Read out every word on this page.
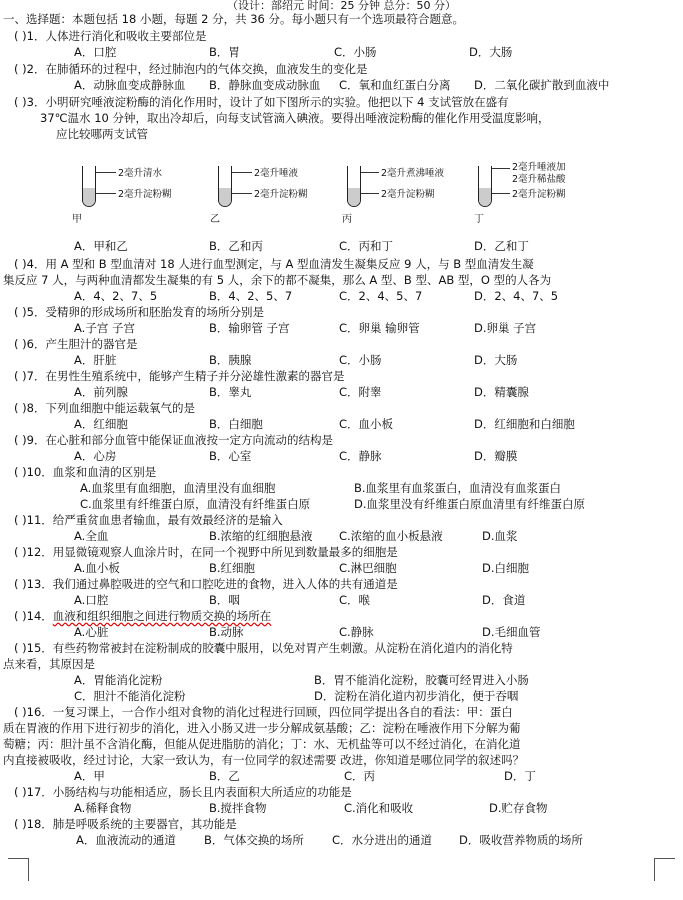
（设计：部绍元 时间：25 分钟 总分：50 分）
一、选择题：本题包括 18 小题，每题 2 分，共 36 分。每小题只有一个选项最符合题意。
( )1．人体进行消化和吸收主要部位是
A．口腔	B．胃	C．小肠	D．大肠
( )2．在肺循环的过程中，经过肺泡内的气体交换，血液发生的变化是
A．动脉血变成静脉血 B．静脉血变成动脉血 C．氧和血红蛋白分离 D．二氧化碳扩散到血液中
( )3．小明研究唾液淀粉酶的消化作用时，设计了如下图所示的实验。他把以下 4 支试管放在盛有
37℃温水 10 分钟，取出冷却后，向每支试管滴入碘液。要得出唾液淀粉酶的催化作用受温度影响，
应比较哪两支试管
2毫升清水
2毫升淀粉糊
甲
2毫升唾液
2毫升淀粉糊
乙
2毫升煮沸唾液
2毫升淀粉糊
丙
2毫升唾液加
2毫升稀盐酸
2毫升淀粉糊
丁
A．甲和乙	B．乙和丙	C．丙和丁	D．乙和丁
( )4．用 A 型和 B 型血清对 18 人进行血型测定，与 A 型血清发生凝集反应 9 人，与 B 型血清发生凝
集反应 7 人，与两种血清都发生凝集的有 5 人，余下的都不凝集，那么 A 型、B 型、AB 型，O 型的人各为
A．4、2、7、5	B．4、2、5、7	C．2、4、5、7	D．2、4、7、5
( )5．受精卵的形成场所和胚胎发育的场所分别是
A.子宫 子宫	B．输卵管 子宫	C．卵巢 输卵管	D.卵巢 子宫
( )6．产生胆汁的器官是
A．肝脏	B．胰腺	C．小肠	D．大肠
( )7．在男性生殖系统中，能够产生精子并分泌雄性激素的器官是
A．前列腺	B．睾丸	C．附睾	D．精囊腺
( )8．下列血细胞中能运载氧气的是
A．红细胞	B．白细胞	C．血小板	D．红细胞和白细胞
( )9．在心脏和部分血管中能保证血液按一定方向流动的结构是
A．心房	B．心室	C．静脉	D．瓣膜
( )10．血浆和血清的区别是
A.血浆里有血细胞，血清里没有血细胞	B.血浆里有血浆蛋白，血清没有血浆蛋白
C.血浆里有纤维蛋白原，血清没有纤维蛋白原	D.血浆里没有纤维蛋白原血清里有纤维蛋白原
( )11．给严重贫血患者输血，最有效最经济的是输入
A.全血	B.浓缩的红细胞悬液 C.浓缩的血小板悬液	D.血浆
( )12．用显微镜观察人血涂片时，在同一个视野中所见到数量最多的细胞是
A.血小板	B.红细胞	C.淋巴细胞	D.白细胞
( )13．我们通过鼻腔吸进的空气和口腔吃进的食物，进入人体的共有通道是
A.口腔	B．咽	C．喉	D．食道
( )14．血液和组织细胞之间进行物质交换的场所在
A.心脏	B.动脉	C.静脉	D.毛细血管
( )15．有些药物常被封在淀粉制成的胶囊中服用，以免对胃产生刺激。从淀粉在消化道内的消化特
点来看，其原因是
A．胃能消化淀粉	B．胃不能消化淀粉，胶囊可经胃进入小肠
C．胆汁不能消化淀粉	D．淀粉在消化道内初步消化，便于吞咽
( )16．一复习课上，一合作小组对食物的消化过程进行回顾，四位同学提出各自的看法：甲：蛋白
质在胃液的作用下进行初步的消化，进入小肠又进一步分解成氨基酸；乙：淀粉在唾液作用下分解为葡
萄糖；丙：胆汁虽不含消化酶，但能从促进脂肪的消化；丁：水、无机盐等可以不经过消化，在消化道
内直接被吸收，经过讨论，大家一致认为，有一位同学的叙述需要 改进，你知道是哪位同学的叙述吗？
A．甲	B．乙	C．丙	D．丁
( )17．小肠结构与功能相适应，肠长且内表面积大所适应的功能是
A.稀释食物	B.搅拌食物	C.消化和吸收	D.贮存食物
( )18．肺是呼吸系统的主要器官，其功能是
A．血液流动的通道 B．气体交换的场所 C．水分进出的通道 D．吸收营养物质的场所
